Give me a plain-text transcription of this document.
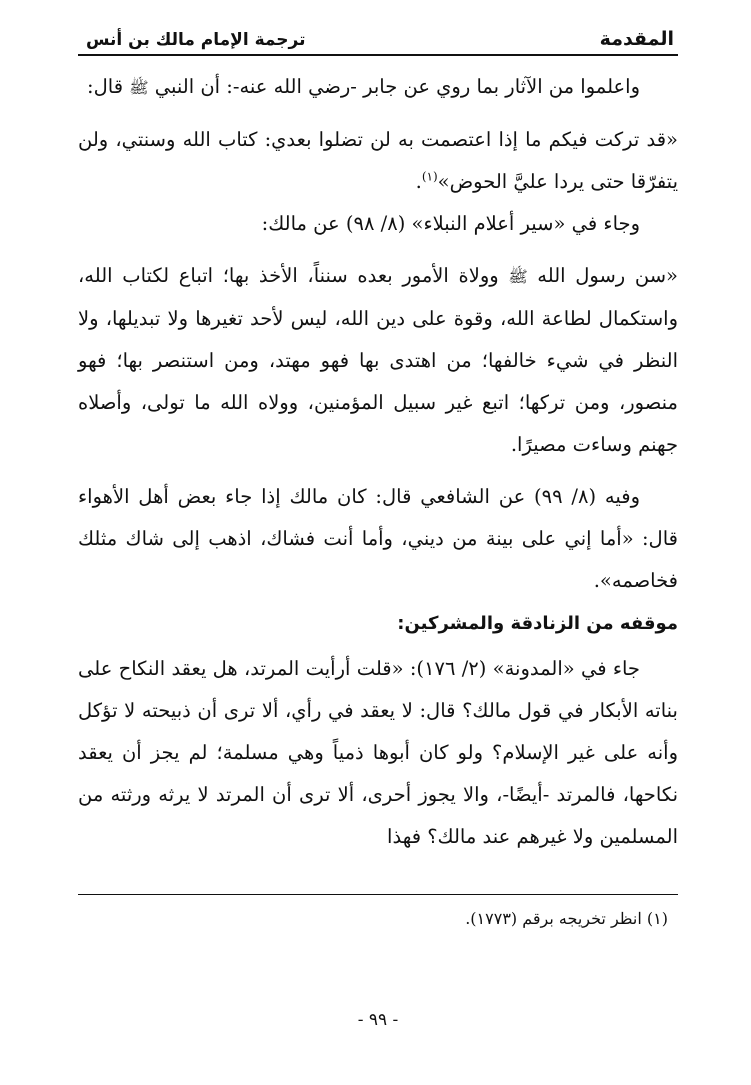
المقدمة
ترجمة الإمام مالك بن أنس

واعلموا من الآثار بما روي عن جابر -رضي الله عنه-: أن النبي ﷺ قال:

«قد تركت فيكم ما إذا اعتصمت به لن تضلوا بعدي: كتاب الله وسنتي، ولن يتفرّقا حتى يردا عليَّ الحوض»$^{(١)}$.

وجاء في «سير أعلام النبلاء» (٨/ ٩٨) عن مالك:

«سن رسول الله ﷺ وولاة الأمور بعده سنناً، الأخذ بها؛ اتباع لكتاب الله، واستكمال لطاعة الله، وقوة على دين الله، ليس لأحد تغيرها ولا تبديلها، ولا النظر في شيء خالفها؛ من اهتدى بها فهو مهتد، ومن استنصر بها؛ فهو منصور، ومن تركها؛ اتبع غير سبيل المؤمنين، وولاه الله ما تولى، وأصلاه جهنم وساءت مصيرًا.

وفيه (٨/ ٩٩) عن الشافعي قال: كان مالك إذا جاء بعض أهل الأهواء قال: «أما إني على بينة من ديني، وأما أنت فشاك، اذهب إلى شاك مثلك فخاصمه».

موقفه من الزنادقة والمشركين:

جاء في «المدونة» (٢/ ١٧٦): «قلت أرأيت المرتد، هل يعقد النكاح على بناته الأبكار في قول مالك؟ قال: لا يعقد في رأي، ألا ترى أن ذبيحته لا تؤكل وأنه على غير الإسلام؟ ولو كان أبوها ذمياً وهي مسلمة؛ لم يجز أن يعقد نكاحها، فالمرتد -أيضًا-، والا يجوز أحرى، ألا ترى أن المرتد لا يرثه ورثته من المسلمين ولا غيرهم عند مالك؟ فهذا

(١) انظر تخريجه برقم (١٧٧٣).
- ٩٩ -
